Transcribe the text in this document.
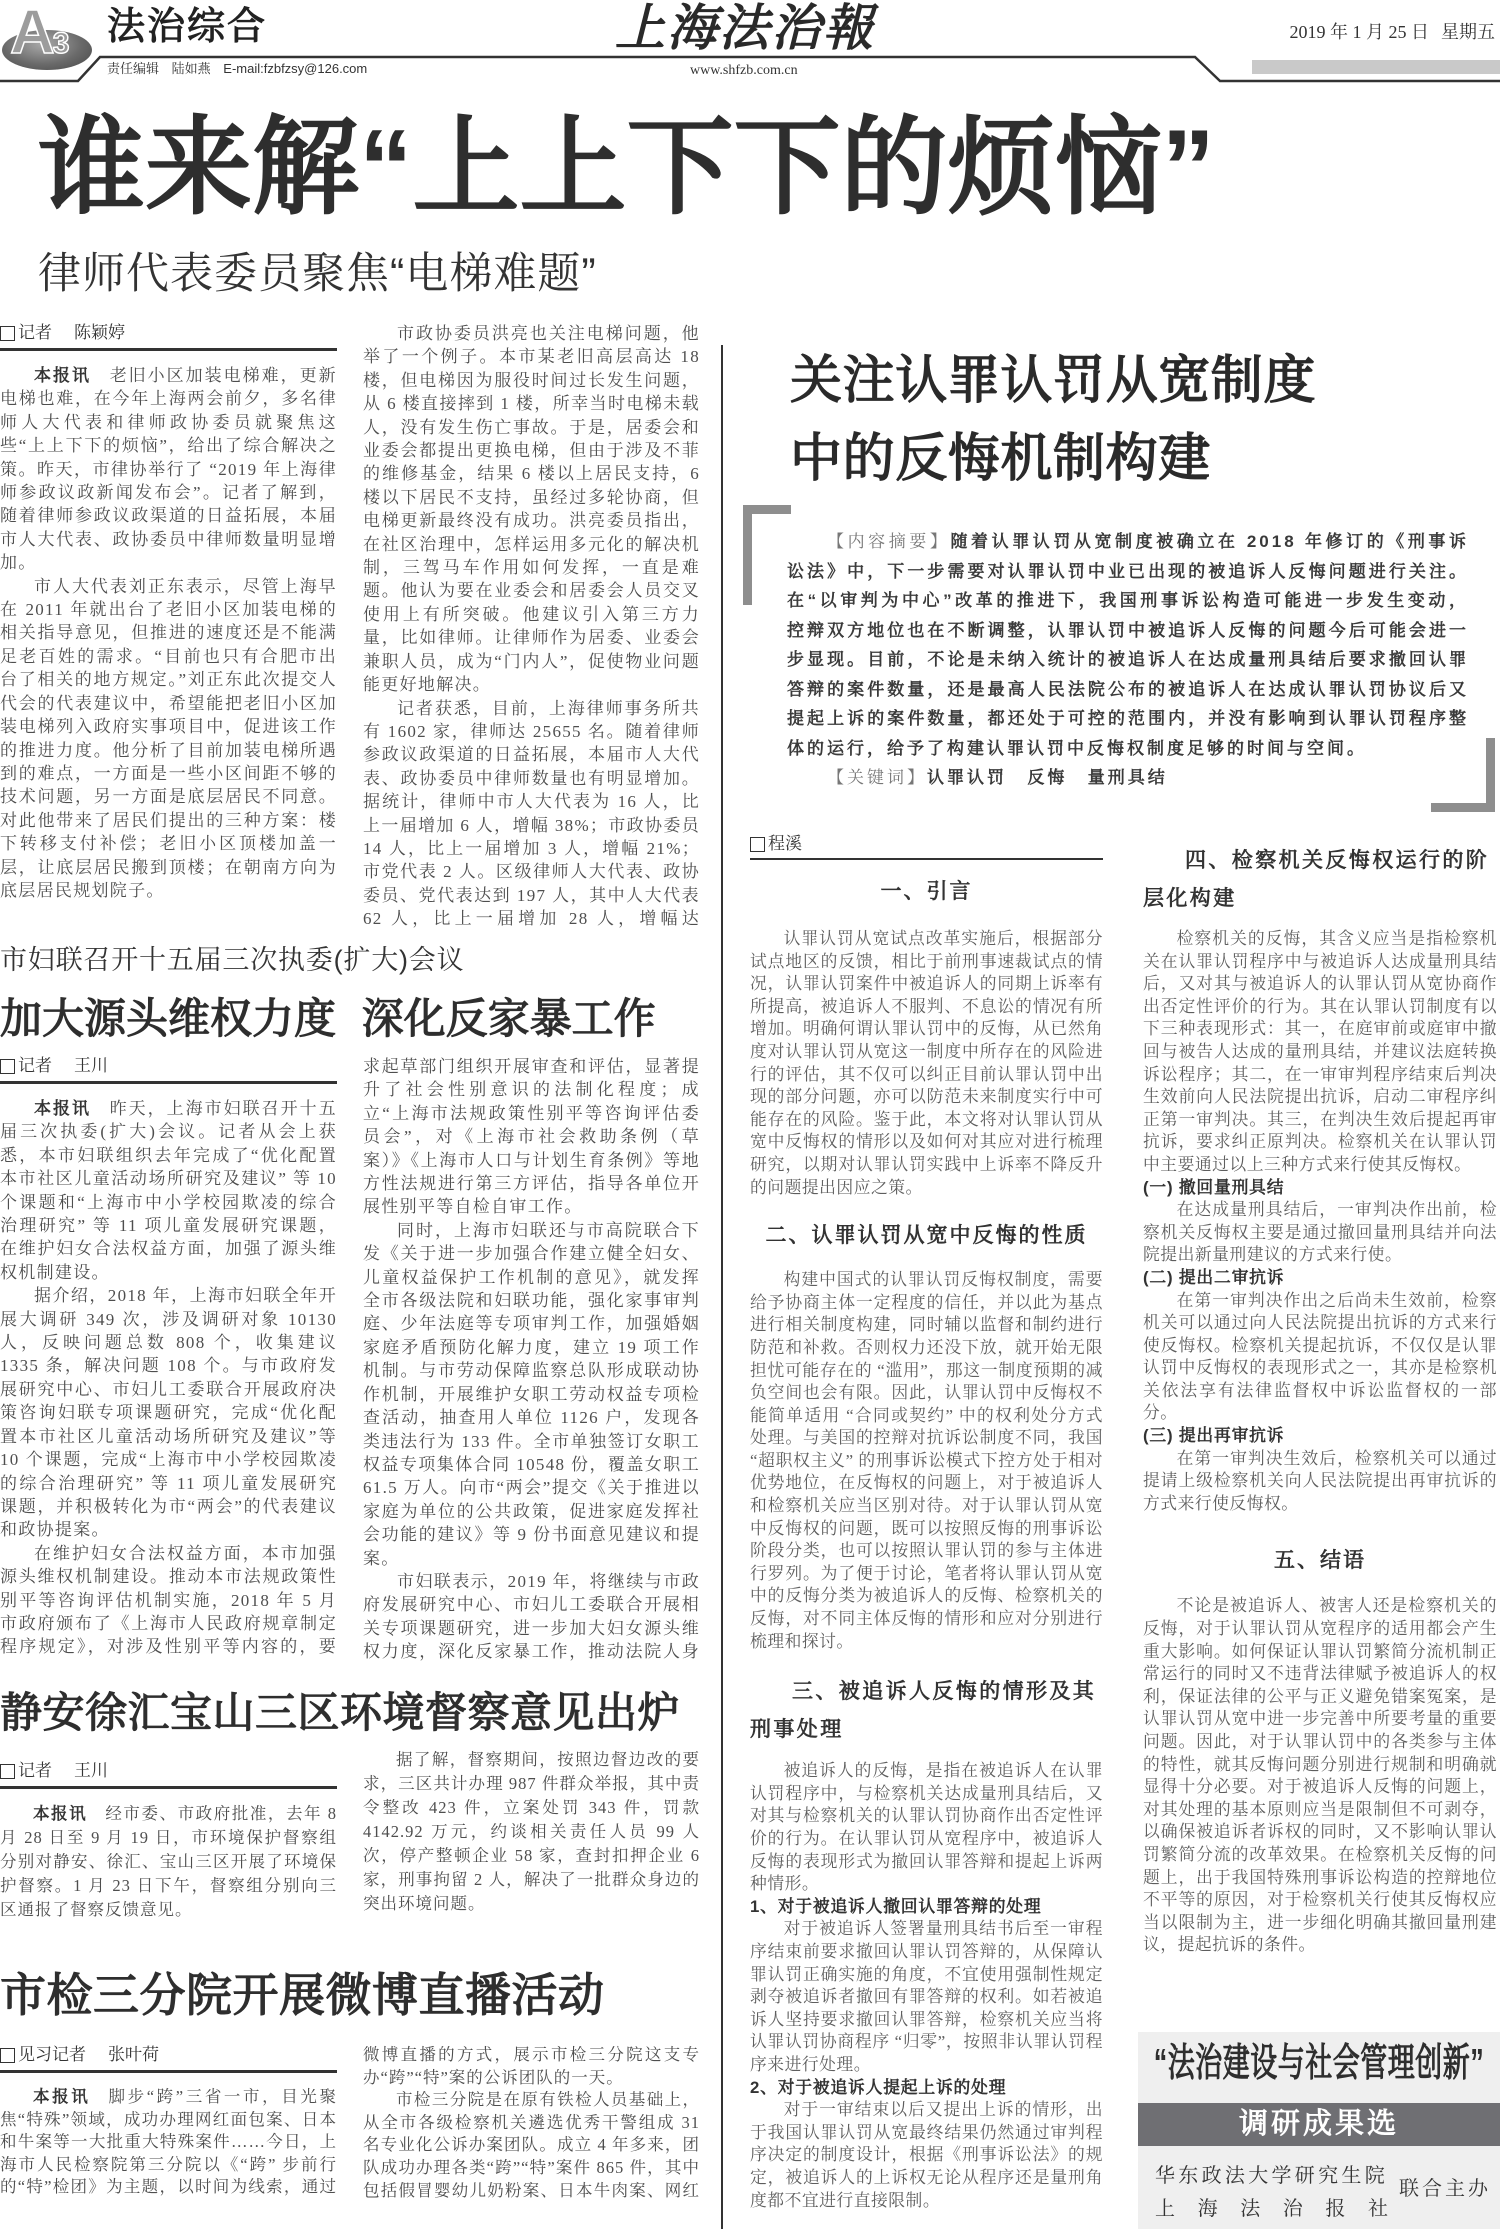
A3 法治综合
责任编辑 陆如燕 E-mail:fzbfzsy@126.com
上海法治報
www.shfzb.com.cn
2019 年 1 月 25 日 星期五
谁来解“上上下下的烦恼”
律师代表委员聚焦“电梯难题”
记者 陈颖婷

本报讯 老旧小区加装电梯难，更新电梯也难，在今年上海两会前夕，多名律师人大代表和律师政协委员就聚焦这些“上上下下的烦恼”，给出了综合解决之策。昨天，市律协举行了 “2019 年上海律师参政议政新闻发布会”。记者了解到，随着律师参政议政渠道的日益拓展，本届市人大代表、政协委员中律师数量明显增加。

市人大代表刘正东表示，尽管上海早在 2011 年就出台了老旧小区加装电梯的相关指导意见，但推进的速度还是不能满足老百姓的需求。“目前也只有合肥市出台了相关的地方规定。”刘正东此次提交人代会的代表建议中，希望能把老旧小区加装电梯列入政府实事项目中，促进该工作的推进力度。他分析了目前加装电梯所遇到的难点，一方面是一些小区间距不够的技术问题，另一方面是底层居民不同意。对此他带来了居民们提出的三种方案：楼下转移支付补偿；老旧小区顶楼加盖一层，让底层居民搬到顶楼；在朝南方向为底层居民规划院子。

市政协委员洪亮也关注电梯问题，他举了一个例子。本市某老旧高层高达 18 楼，但电梯因为服役时间过长发生问题，从 6 楼直接摔到 1 楼，所幸当时电梯未载人，没有发生伤亡事故。于是，居委会和业委会都提出更换电梯，但由于涉及不菲的维修基金，结果 6 楼以上居民支持，6 楼以下居民不支持，虽经过多轮协商，但电梯更新最终没有成功。洪亮委员指出，在社区治理中，怎样运用多元化的解决机制，三驾马车作用如何发挥，一直是难题。他认为要在业委会和居委会人员交叉使用上有所突破。他建议引入第三方力量，比如律师。让律师作为居委、业委会兼职人员，成为“门内人”，促使物业问题能更好地解决。

记者获悉，目前，上海律师事务所共有 1602 家，律师达 25655 名。随着律师参政议政渠道的日益拓展，本届市人大代表、政协委员中律师数量也有明显增加。据统计，律师中市人大代表为 16 人，比上一届增加 6 人，增幅 38%；市政协委员 14 人，比上一届增加 3 人，增幅 21%；市党代表 2 人。区级律师人大代表、政协委员、党代表达到 197 人，其中人大代表 62 人，比上一届增加 28 人，增幅达

市妇联召开十五届三次执委(扩大)会议
加大源头维权力度 深化反家暴工作
记者 王川

本报讯 昨天，上海市妇联召开十五届三次执委(扩大)会议。记者从会上获悉，本市妇联组织去年完成了“优化配置本市社区儿童活动场所研究及建议” 等 10 个课题和“上海市中小学校园欺凌的综合治理研究” 等 11 项儿童发展研究课题，在维护妇女合法权益方面，加强了源头维权机制建设。

据介绍，2018 年，上海市妇联全年开展大调研 349 次，涉及调研对象 10130 人，反映问题总数 808 个，收集建议 1335 条，解决问题 108 个。与市政府发展研究中心、市妇儿工委联合开展政府决策咨询妇联专项课题研究，完成“优化配置本市社区儿童活动场所研究及建议”等 10 个课题，完成“上海市中小学校园欺凌的综合治理研究” 等 11 项儿童发展研究课题，并积极转化为市“两会”的代表建议和政协提案。

在维护妇女合法权益方面，本市加强源头维权机制建设。推动本市法规政策性别平等咨询评估机制实施，2018 年 5 月市政府颁布了《上海市人民政府规章制定程序规定》，对涉及性别平等内容的，要求起草部门组织开展审查和评估，显著提升了社会性别意识的法制化程度；成立“上海市法规政策性别平等咨询评估委员会”，对《上海市社会救助条例（草案）》《上海市人口与计划生育条例》等地方性法规进行第三方评估，指导各单位开展性别平等自检自审工作。

同时，上海市妇联还与市高院联合下发《关于进一步加强合作建立健全妇女、儿童权益保护工作机制的意见》，就发挥全市各级法院和妇联功能，强化家事审判庭、少年法庭等专项审判工作，加强婚姻家庭矛盾预防化解力度，建立 19 项工作机制。与市劳动保障监察总队形成联动协作机制，开展维护女职工劳动权益专项检查活动，抽查用人单位 1126 户，发现各类违法行为 133 件。全市单独签订女职工权益专项集体合同 10548 份，覆盖女职工 61.5 万人。向市“两会”提交《关于推进以家庭为单位的公共政策，促进家庭发挥社会功能的建议》等 9 份书面意见建议和提案。

市妇联表示，2019 年，将继续与市政府发展研究中心、市妇儿工委联合开展相关专项课题研究，进一步加大妇女源头维权力度，深化反家暴工作，推动法院人身

静安徐汇宝山三区环境督察意见出炉
记者 王川

本报讯 经市委、市政府批准，去年 8 月 28 日至 9 月 19 日，市环境保护督察组分别对静安、徐汇、宝山三区开展了环境保护督察。1 月 23 日下午，督察组分别向三区通报了督察反馈意见。

据了解，督察期间，按照边督边改的要求，三区共计办理 987 件群众举报，其中责令整改 423 件，立案处罚 343 件，罚款 4142.92 万元，约谈相关责任人员 99 人次，停产整顿企业 58 家，查封扣押企业 6 家，刑事拘留 2 人，解决了一批群众身边的突出环境问题。

市检三分院开展微博直播活动
见习记者 张叶荷

本报讯 脚步“跨”三省一市，目光聚焦“特殊”领域，成功办理网红面包案、日本和牛案等一大批重大特殊案件……今日，上海市人民检察院第三分院以《“跨” 步前行的“特”检团》为主题，以时间为线索，通过微博直播的方式，展示市检三分院这支专办“跨”“特”案的公诉团队的一天。

市检三分院是在原有铁检人员基础上，从全市各级检察机关遴选优秀干警组成 31 名专业化公诉办案团队。成立 4 年多来，团队成功办理各类“跨”“特”案件 865 件，其中包括假冒婴幼儿奶粉案、日本牛肉案、网红

关注认罪认罚从宽制度
中的反悔机制构建

【内容摘要】随着认罪认罚从宽制度被确立在 2018 年修订的《刑事诉讼法》中，下一步需要对认罪认罚中业已出现的被追诉人反悔问题进行关注。在“以审判为中心”改革的推进下，我国刑事诉讼构造可能进一步发生变动，控辩双方地位也在不断调整，认罪认罚中被追诉人反悔的问题今后可能会进一步显现。目前，不论是未纳入统计的被追诉人在达成量刑具结后要求撤回认罪答辩的案件数量，还是最高人民法院公布的被追诉人在达成认罪认罚协议后又提起上诉的案件数量，都还处于可控的范围内，并没有影响到认罪认罚程序整体的运行，给予了构建认罪认罚中反悔权制度足够的时间与空间。

【关键词】认罪认罚 反悔 量刑具结

程溪
一、引言

认罪认罚从宽试点改革实施后，根据部分试点地区的反馈，相比于前刑事速裁试点的情况，认罪认罚案件中被追诉人的同期上诉率有所提高，被追诉人不服判、不息讼的情况有所增加。明确何谓认罪认罚中的反悔，从已然角度对认罪认罚从宽这一制度中所存在的风险进行的评估，其不仅可以纠正目前认罪认罚中出现的部分问题，亦可以防范未来制度实行中可能存在的风险。鉴于此，本文将对认罪认罚从宽中反悔权的情形以及如何对其应对进行梳理研究，以期对认罪认罚实践中上诉率不降反升的问题提出因应之策。

二、认罪认罚从宽中反悔的性质

构建中国式的认罪认罚反悔权制度，需要给予协商主体一定程度的信任，并以此为基点进行相关制度构建，同时辅以监督和制约进行防范和补救。否则权力还没下放，就开始无限担忧可能存在的 “滥用”，那这一制度预期的减负空间也会有限。因此，认罪认罚中反悔权不能简单适用 “合同或契约” 中的权利处分方式处理。与美国的控辩对抗诉讼制度不同，我国 “超职权主义” 的刑事诉讼模式下控方处于相对优势地位，在反悔权的问题上，对于被追诉人和检察机关应当区别对待。对于认罪认罚从宽中反悔权的问题，既可以按照反悔的刑事诉讼阶段分类，也可以按照认罪认罚的参与主体进行罗列。为了便于讨论，笔者将认罪认罚从宽中的反悔分类为被追诉人的反悔、检察机关的反悔，对不同主体反悔的情形和应对分别进行梳理和探讨。

三、被追诉人反悔的情形及其刑事处理

被追诉人的反悔，是指在被追诉人在认罪认罚程序中，与检察机关达成量刑具结后，又对其与检察机关的认罪认罚协商作出否定性评价的行为。在认罪认罚从宽程序中，被追诉人反悔的表现形式为撤回认罪答辩和提起上诉两种情形。

1、对于被追诉人撤回认罪答辩的处理

对于被追诉人签署量刑具结书后至一审程序结束前要求撤回认罪认罚答辩的，从保障认罪认罚正确实施的角度，不宜使用强制性规定剥夺被追诉者撤回有罪答辩的权利。如若被追诉人坚持要求撤回认罪答辩，检察机关应当将认罪认罚协商程序 “归零”，按照非认罪认罚程序来进行处理。

2、对于被追诉人提起上诉的处理

对于一审结束以后又提出上诉的情形，出于我国认罪认罚从宽最终结果仍然通过审判程序决定的制度设计，根据《刑事诉讼法》的规定，被追诉人的上诉权无论从程序还是量刑角度都不宜进行直接限制。

四、检察机关反悔权运行的阶层化构建

检察机关的反悔，其含义应当是指检察机关在认罪认罚程序中与被追诉人达成量刑具结后，又对其与被追诉人的认罪认罚从宽协商作出否定性评价的行为。其在认罪认罚制度有以下三种表现形式：其一，在庭审前或庭审中撤回与被告人达成的量刑具结，并建议法庭转换诉讼程序；其二，在一审审判程序结束后判决生效前向人民法院提出抗诉，启动二审程序纠正第一审判决。其三，在判决生效后提起再审抗诉，要求纠正原判决。检察机关在认罪认罚中主要通过以上三种方式来行使其反悔权。

(一) 撤回量刑具结

在达成量刑具结后，一审判决作出前，检察机关反悔权主要是通过撤回量刑具结并向法院提出新量刑建议的方式来行使。

(二) 提出二审抗诉

在第一审判决作出之后尚未生效前，检察机关可以通过向人民法院提出抗诉的方式来行使反悔权。检察机关提起抗诉，不仅仅是认罪认罚中反悔权的表现形式之一，其亦是检察机关依法享有法律监督权中诉讼监督权的一部分。

(三) 提出再审抗诉

在第一审判决生效后，检察机关可以通过提请上级检察机关向人民法院提出再审抗诉的方式来行使反悔权。

五、结语

不论是被追诉人、被害人还是检察机关的反悔，对于认罪认罚从宽程序的适用都会产生重大影响。如何保证认罪认罚繁简分流机制正常运行的同时又不违背法律赋予被追诉人的权利，保证法律的公平与正义避免错案冤案，是认罪认罚从宽中进一步完善中所要考量的重要问题。因此，对于认罪认罚中的各类参与主体的特性，就其反悔问题分别进行规制和明确就显得十分必要。对于被追诉人反悔的问题上，对其处理的基本原则应当是限制但不可剥夺，以确保被追诉者诉权的同时，又不影响认罪认罚繁简分流的改革效果。在检察机关反悔的问题上，出于我国特殊刑事诉讼构造的控辩地位不平等的原因，对于检察机关行使其反悔权应当以限制为主，进一步细化明确其撤回量刑建议，提起抗诉的条件。

“法治建设与社会管理创新”
调研成果选
华东政法大学研究生院
上海法治报社
联合主办
